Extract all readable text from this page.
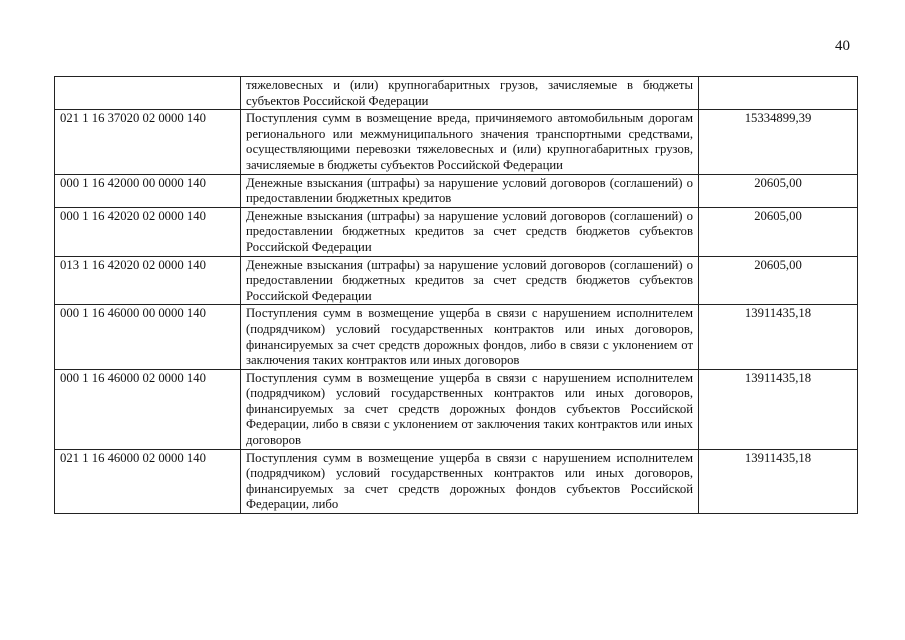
40
	тяжеловесных и (или) крупногабаритных грузов, зачисляемые в бюджеты субъектов Российской Федерации	
021 1 16 37020 02 0000 140	Поступления сумм в возмещение вреда, причиняемого автомобильным дорогам регионального или межмуниципального значения транспортными средствами, осуществляющими перевозки тяжеловесных и (или) крупногабаритных грузов, зачисляемые в бюджеты субъектов Российской Федерации	15334899,39
000 1 16 42000 00 0000 140	Денежные взыскания (штрафы) за нарушение условий договоров (соглашений) о предоставлении бюджетных кредитов	20605,00
000 1 16 42020 02 0000 140	Денежные взыскания (штрафы) за нарушение условий договоров (соглашений) о предоставлении бюджетных кредитов за счет средств бюджетов субъектов Российской Федерации	20605,00
013 1 16 42020 02 0000 140	Денежные взыскания (штрафы) за нарушение условий договоров (соглашений) о предоставлении бюджетных кредитов за счет средств бюджетов субъектов Российской Федерации	20605,00
000 1 16 46000 00 0000 140	Поступления сумм в возмещение ущерба в связи с нарушением исполнителем (подрядчиком) условий государственных контрактов или иных договоров, финансируемых за счет средств дорожных фондов, либо в связи с уклонением от заключения таких контрактов или иных договоров	13911435,18
000 1 16 46000 02 0000 140	Поступления сумм в возмещение ущерба в связи с нарушением исполнителем (подрядчиком) условий государственных контрактов или иных договоров, финансируемых за счет средств дорожных фондов субъектов Российской Федерации, либо в связи с уклонением от заключения таких контрактов или иных договоров	13911435,18
021 1 16 46000 02 0000 140	Поступления сумм в возмещение ущерба в связи с нарушением исполнителем (подрядчиком) условий государственных контрактов или иных договоров, финансируемых за счет средств дорожных фондов субъектов Российской Федерации, либо	13911435,18
